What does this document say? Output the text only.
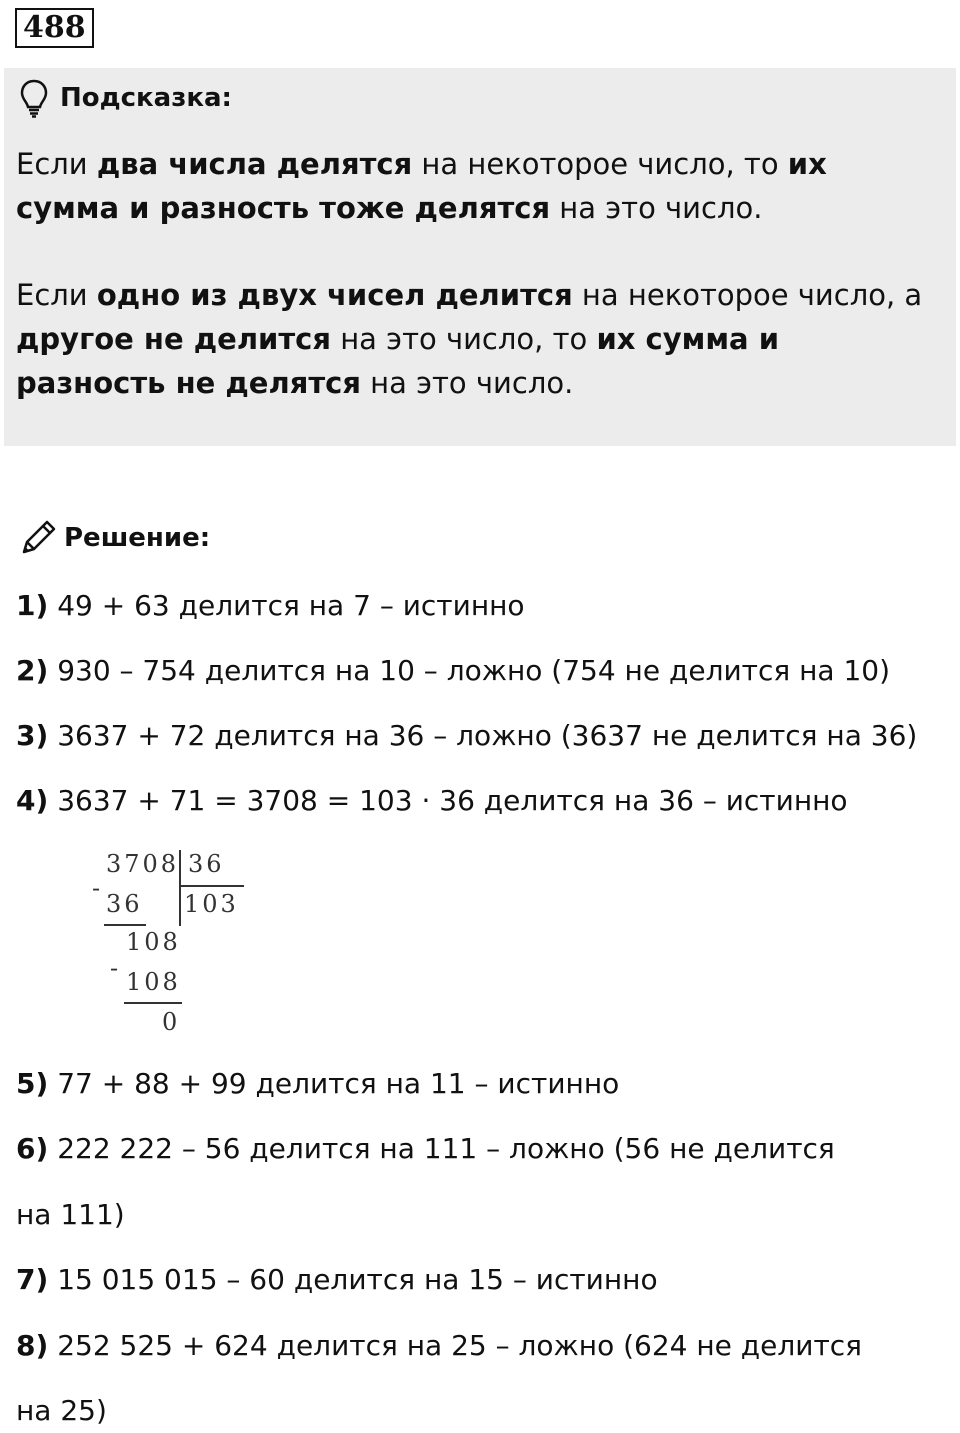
488
Подсказка:
Если два числа делятся на некоторое число, то их сумма и разность тоже делятся на это число.
Если одно из двух чисел делится на некоторое число, а другое не делится на это число, то их сумма и разность не делятся на это число.
Решение:
1) 49 + 63 делится на 7 – истинно
2) 930 – 754 делится на 10 – ложно (754 не делится на 10)
3) 3637 + 72 делится на 36 – ложно (3637 не делится на 36)
4) 3637 + 71 = 3708 = 103 · 36 делится на 36 – истинно
3708 36
103
-
36
108
- 108
0
5) 77 + 88 + 99 делится на 11 – истинно
6) 222 222 – 56 делится на 111 – ложно (56 не делится
на 111)
7) 15 015 015 – 60 делится на 15 – истинно
8) 252 525 + 624 делится на 25 – ложно (624 не делится
на 25)
